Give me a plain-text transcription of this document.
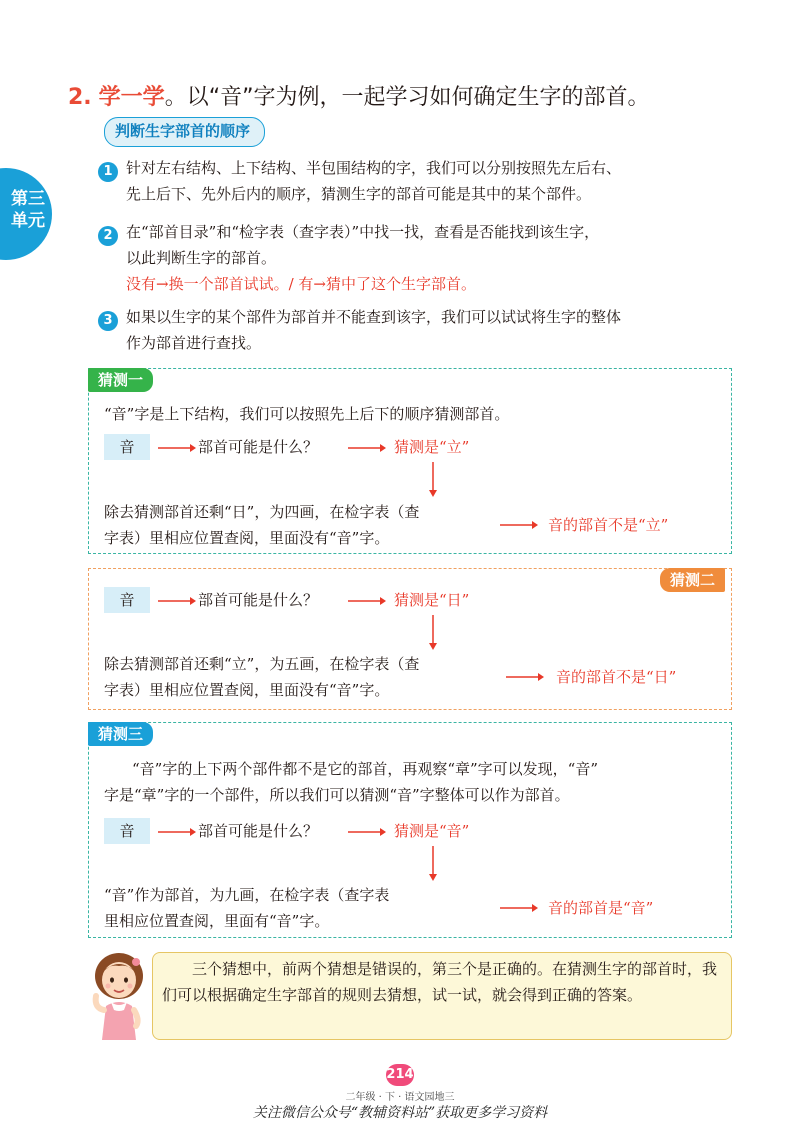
第三
单元
2. 学一学。以“音”字为例，一起学习如何确定生字的部首。
判断生字部首的顺序
1 针对左右结构、上下结构、半包围结构的字，我们可以分别按照先左后右、
先上后下、先外后内的顺序，猜测生字的部首可能是其中的某个部件。
2 在“部首目录”和“检字表（查字表）”中找一找，查看是否能找到该生字，
以此判断生字的部首。
没有→换一个部首试试。/ 有→猜中了这个生字部首。
3 如果以生字的某个部件为部首并不能查到该字，我们可以试试将生字的整体
作为部首进行查找。
猜测一
“音”字是上下结构，我们可以按照先上后下的顺序猜测部首。
音	部首可能是什么？	猜测是“立”
除去猜测部首还剩“日”，为四画，在检字表（查
字表）里相应位置查阅，里面没有“音”字。
音的部首不是“立”
猜测二
音	部首可能是什么？	猜测是“日”
除去猜测部首还剩“立”，为五画，在检字表（查
字表）里相应位置查阅，里面没有“音”字。
音的部首不是“日”
猜测三
“音”字的上下两个部件都不是它的部首，再观察“章”字可以发现，“音”
字是“章”字的一个部件，所以我们可以猜测“音”字整体可以作为部首。
音	部首可能是什么？	猜测是“音”
“音”作为部首，为九画，在检字表（查字表
里相应位置查阅，里面有“音”字。
音的部首是“音”
三个猜想中，前两个猜想是错误的，第三个是正确的。在猜测生字的部首时，我们可以根据确定生字部首的规则去猜想，试一试，就会得到正确的答案。
214
二年级 · 下 · 语文园地三
关注微信公众号“教辅资料站”获取更多学习资料
